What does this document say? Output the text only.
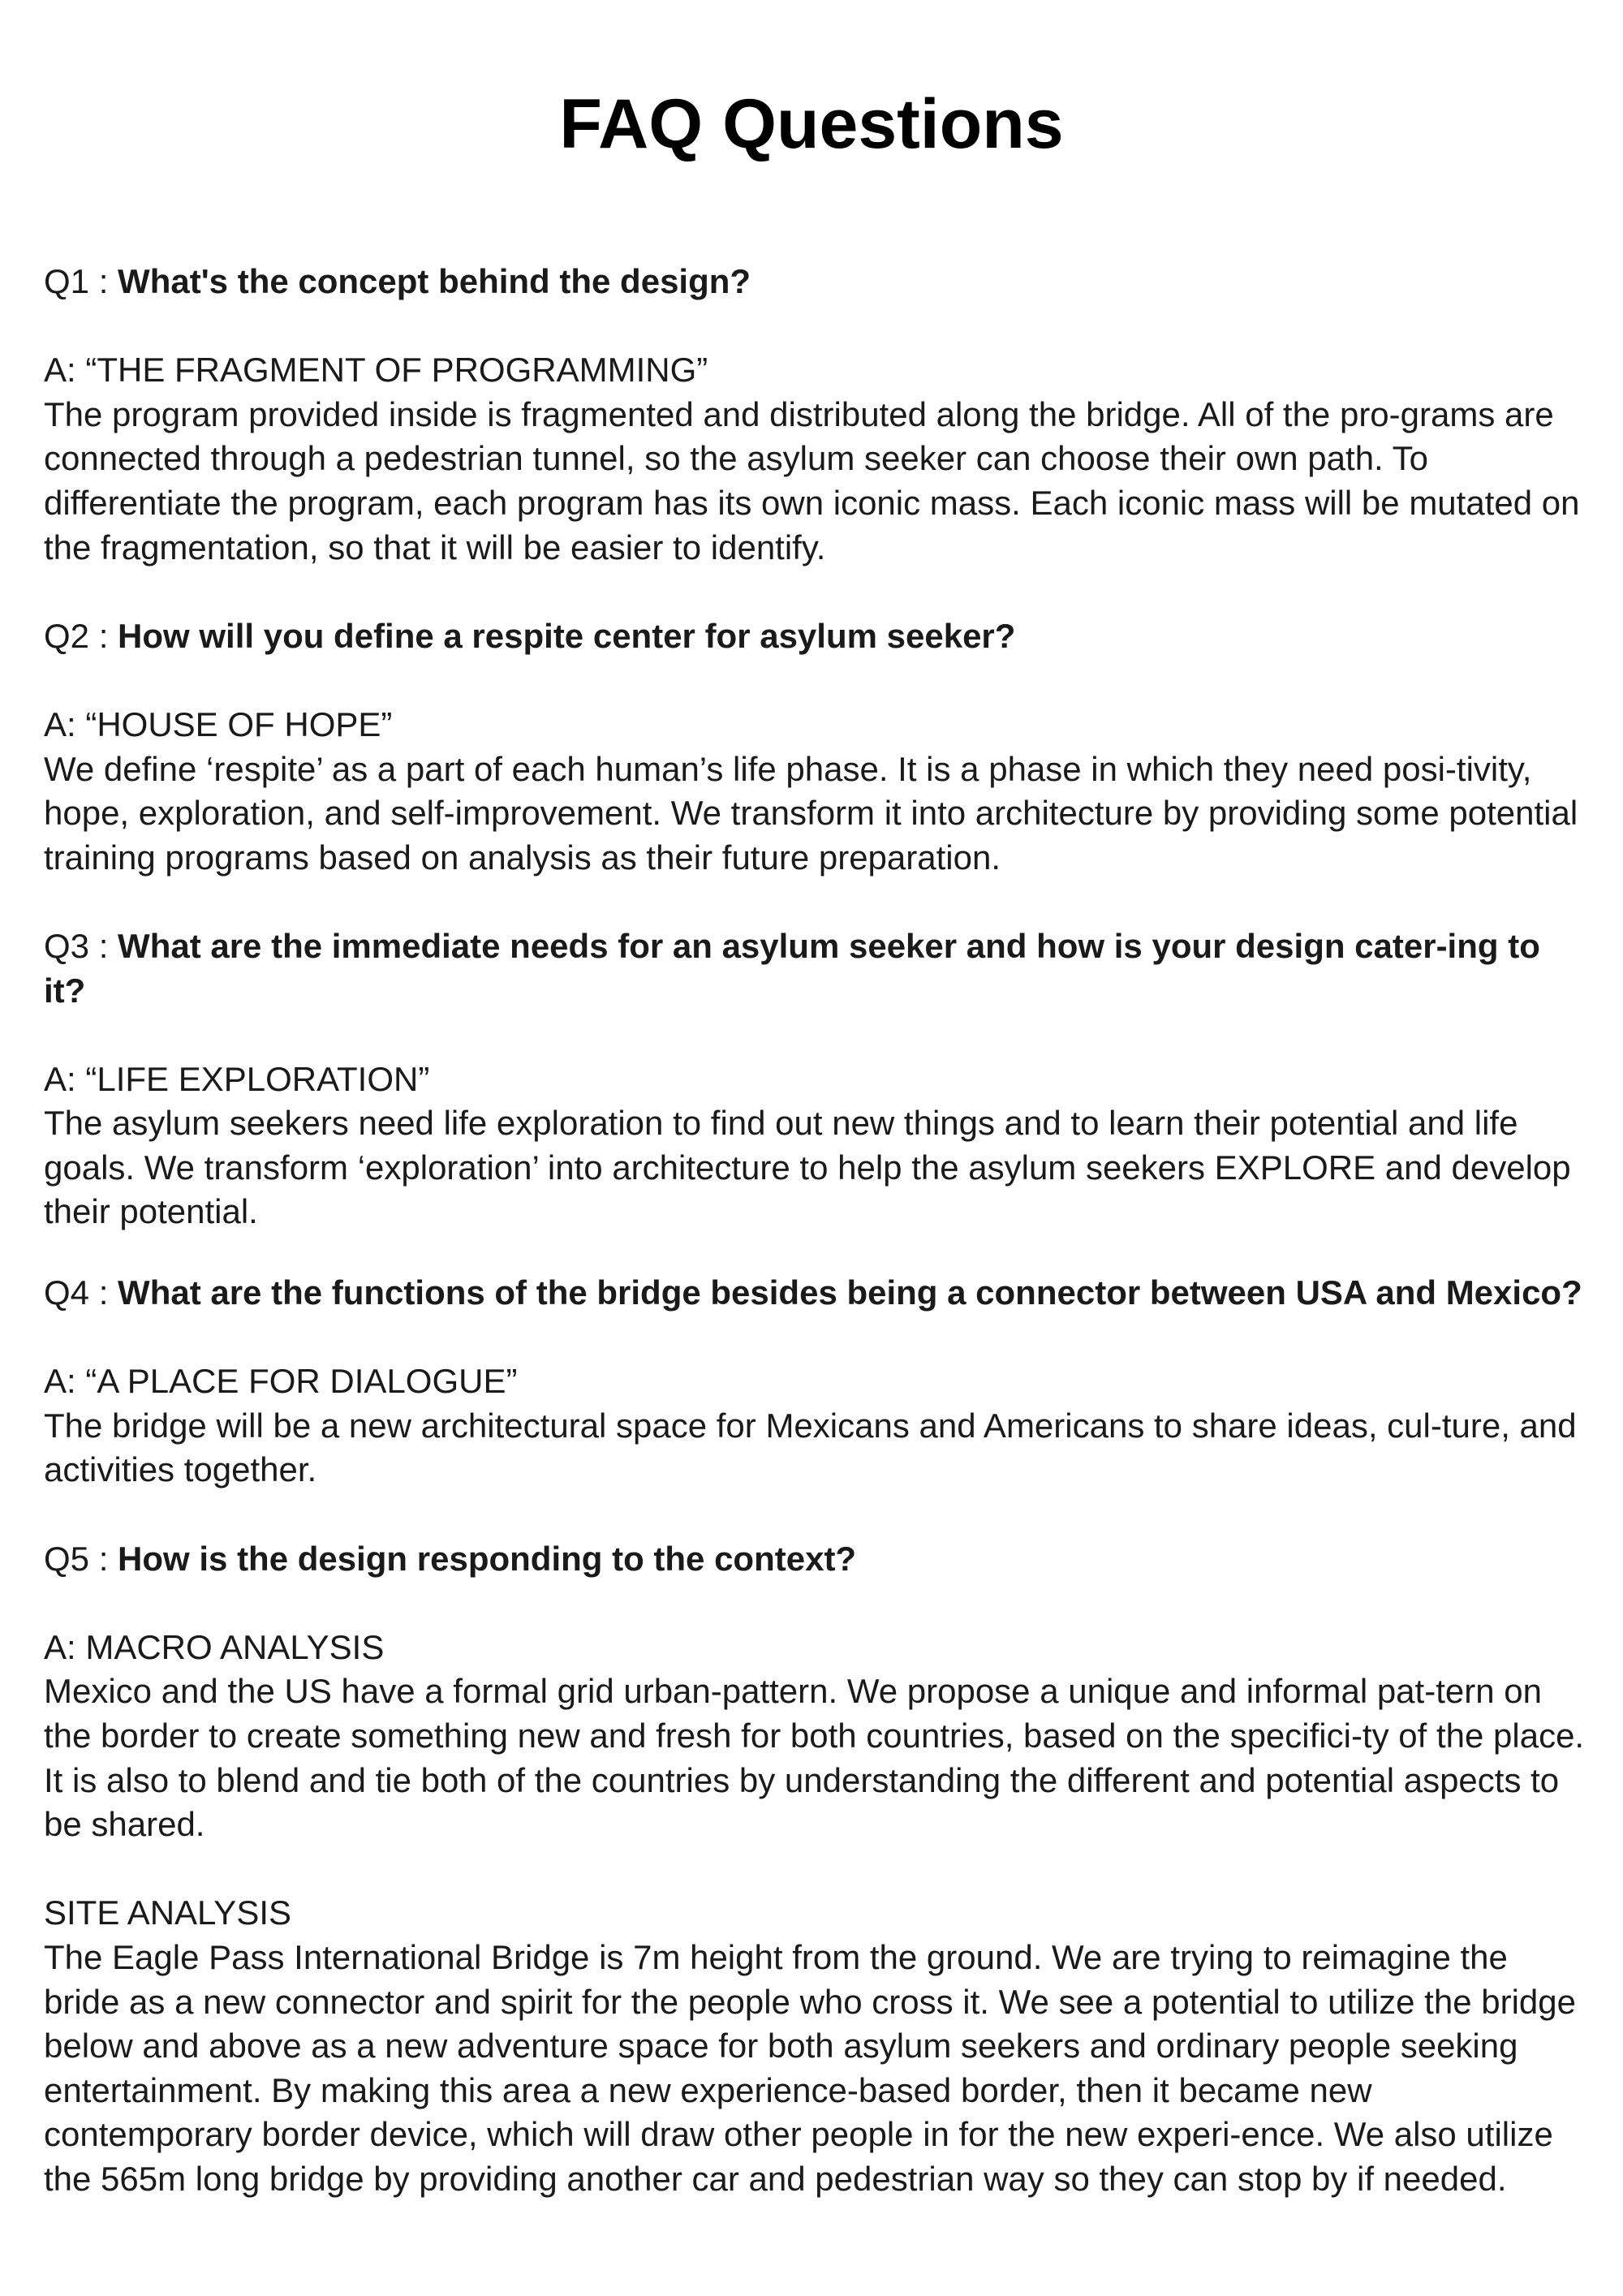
FAQ Questions

Q1 : What's the concept behind the design?

A: “THE FRAGMENT OF PROGRAMMING”

The program provided inside is fragmented and distributed along the bridge. All of the pro-grams are connected through a pedestrian tunnel, so the asylum seeker can choose their own path. To differentiate the program, each program has its own iconic mass. Each iconic mass will be mutated on the fragmentation, so that it will be easier to identify.

Q2 : How will you define a respite center for asylum seeker?

A: “HOUSE OF HOPE”

We define ‘respite’ as a part of each human’s life phase. It is a phase in which they need posi-tivity, hope, exploration, and self-improvement. We transform it into architecture by providing some potential training programs based on analysis as their future preparation.

Q3 : What are the immediate needs for an asylum seeker and how is your design cater-ing to it?

A: “LIFE EXPLORATION”

The asylum seekers need life exploration to find out new things and to learn their potential and life goals. We transform ‘exploration’ into architecture to help the asylum seekers EXPLORE and develop their potential.

Q4 : What are the functions of the bridge besides being a connector between USA and Mexico?

A: “A PLACE FOR DIALOGUE”

The bridge will be a new architectural space for Mexicans and Americans to share ideas, cul-ture, and activities together.

Q5 : How is the design responding to the context?

A: MACRO ANALYSIS

Mexico and the US have a formal grid urban-pattern. We propose a unique and informal pat-tern on the border to create something new and fresh for both countries, based on the specifici-ty of the place. It is also to blend and tie both of the countries by understanding the different and potential aspects to be shared.

SITE ANALYSIS

The Eagle Pass International Bridge is 7m height from the ground. We are trying to reimagine the bride as a new connector and spirit for the people who cross it. We see a potential to utilize the bridge below and above as a new adventure space for both asylum seekers and ordinary people seeking entertainment. By making this area a new experience-based border, then it became new contemporary border device, which will draw other people in for the new experi-ence. We also utilize the 565m long bridge by providing another car and pedestrian way so they can stop by if needed.
